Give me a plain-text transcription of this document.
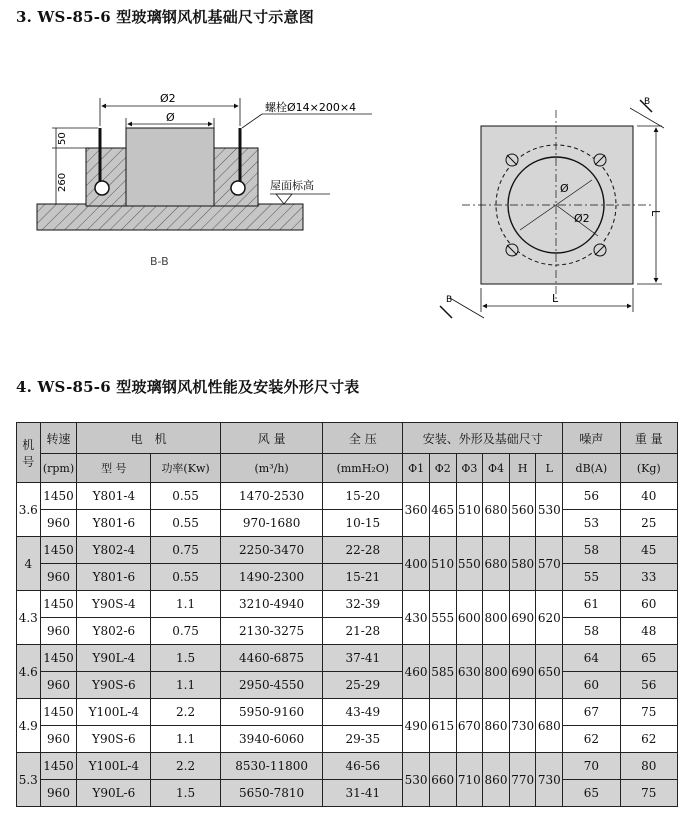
3. WS-85-6 型玻璃钢风机基础尺寸示意图
Ø2
Ø
螺栓Ø14×200×4
50
260	屋面标高
B-B
Ø
Ø2
L
L
B
B
4. WS-85-6 型玻璃钢风机性能及安装外形尺寸表
机号	转速	电　机		风 量	全 压	安装、外形及基础尺寸						噪声	重 量
	(rpm)	型 号	功率(Kw)	(m³/h)	(mmH₂O)	Φ1	Φ2	Φ3	Φ4	H	L	dB(A)	(Kg)
3.6	1450	Y801-4	0.55	1470-2530	15-20	360	465	510	680	560	530	56	40
	960	Y801-6	0.55	970-1680	10-15							53	25
4	1450	Y802-4	0.75	2250-3470	22-28	400	510	550	680	580	570	58	45
	960	Y801-6	0.55	1490-2300	15-21							55	33
4.3	1450	Y90S-4	1.1	3210-4940	32-39	430	555	600	800	690	620	61	60
	960	Y802-6	0.75	2130-3275	21-28							58	48
4.6	1450	Y90L-4	1.5	4460-6875	37-41	460	585	630	800	690	650	64	65
	960	Y90S-6	1.1	2950-4550	25-29							60	56
4.9	1450	Y100L-4	2.2	5950-9160	43-49	490	615	670	860	730	680	67	75
	960	Y90S-6	1.1	3940-6060	29-35							62	62
5.3	1450	Y100L-4	2.2	8530-11800	46-56	530	660	710	860	770	730	70	80
	960	Y90L-6	1.5	5650-7810	31-41							65	75
